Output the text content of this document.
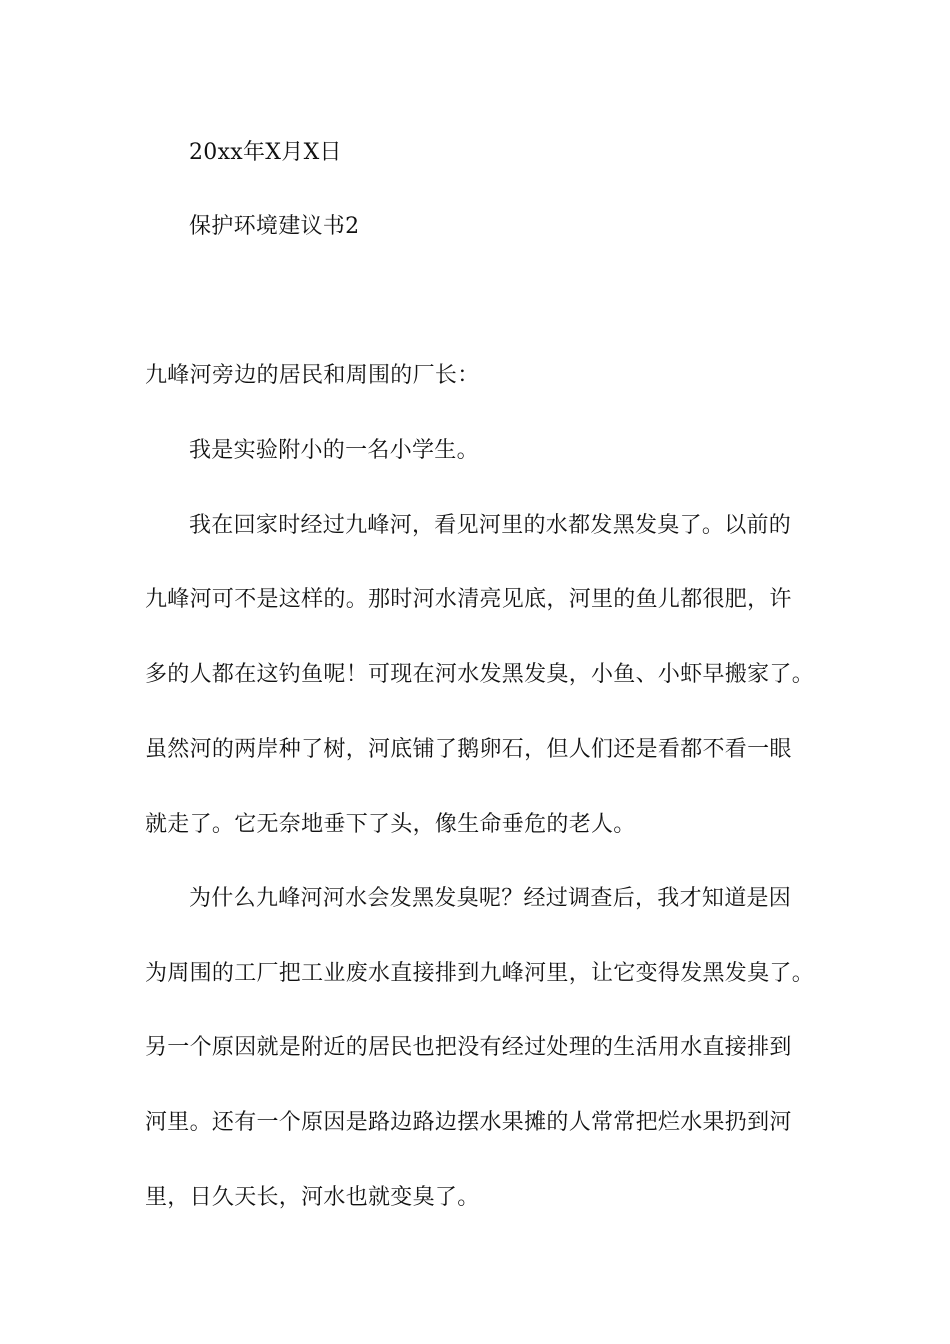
20xx年X月X日
保护环境建议书2
九峰河旁边的居民和周围的厂长：
我是实验附小的一名小学生。
我在回家时经过九峰河，看见河里的水都发黑发臭了。以前的
九峰河可不是这样的。那时河水清亮见底，河里的鱼儿都很肥，许
多的人都在这钓鱼呢！可现在河水发黑发臭，小鱼、小虾早搬家了。
虽然河的两岸种了树，河底铺了鹅卵石，但人们还是看都不看一眼
就走了。它无奈地垂下了头，像生命垂危的老人。
为什么九峰河河水会发黑发臭呢？经过调查后，我才知道是因
为周围的工厂把工业废水直接排到九峰河里，让它变得发黑发臭了。
另一个原因就是附近的居民也把没有经过处理的生活用水直接排到
河里。还有一个原因是路边路边摆水果摊的人常常把烂水果扔到河
里，日久天长，河水也就变臭了。
